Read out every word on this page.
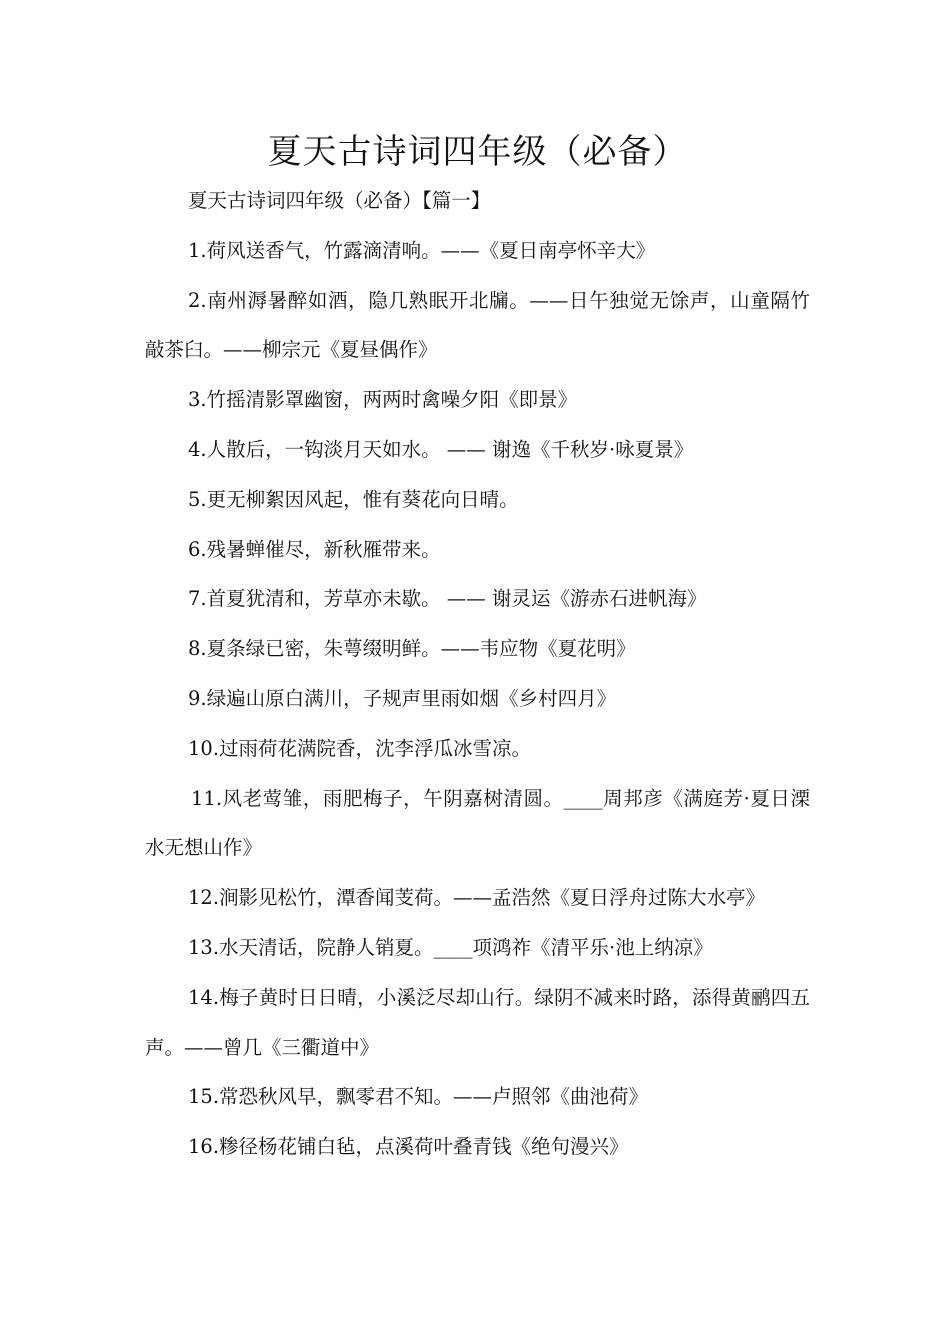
夏天古诗词四年级（必备）

夏天古诗词四年级（必备）【篇一】

1.荷风送香气，竹露滴清响。——《夏日南亭怀辛大》

2.南州溽暑醉如酒，隐几熟眠开北牖。——日午独觉无馀声，山童隔竹敲茶臼。——柳宗元《夏昼偶作》

3.竹摇清影罩幽窗，两两时禽噪夕阳《即景》

4.人散后，一钩淡月天如水。 —— 谢逸《千秋岁·咏夏景》

5.更无柳絮因风起，惟有葵花向日晴。

6.残暑蝉催尽，新秋雁带来。

7.首夏犹清和，芳草亦未歇。 —— 谢灵运《游赤石进帆海》

8.夏条绿已密，朱萼缀明鲜。——韦应物《夏花明》

9.绿遍山原白满川，子规声里雨如烟《乡村四月》

10.过雨荷花满院香，沈李浮瓜冰雪凉。

11.风老莺雏，雨肥梅子，午阴嘉树清圆。____周邦彦《满庭芳·夏日溧水无想山作》

12.涧影见松竹，潭香闻芰荷。——孟浩然《夏日浮舟过陈大水亭》

13.水天清话，院静人销夏。____项鸿祚《清平乐·池上纳凉》

14.梅子黄时日日晴，小溪泛尽却山行。绿阴不减来时路，添得黄鹂四五声。——曾几《三衢道中》

15.常恐秋风早，飘零君不知。——卢照邻《曲池荷》

16.糁径杨花铺白毡，点溪荷叶叠青钱《绝句漫兴》
